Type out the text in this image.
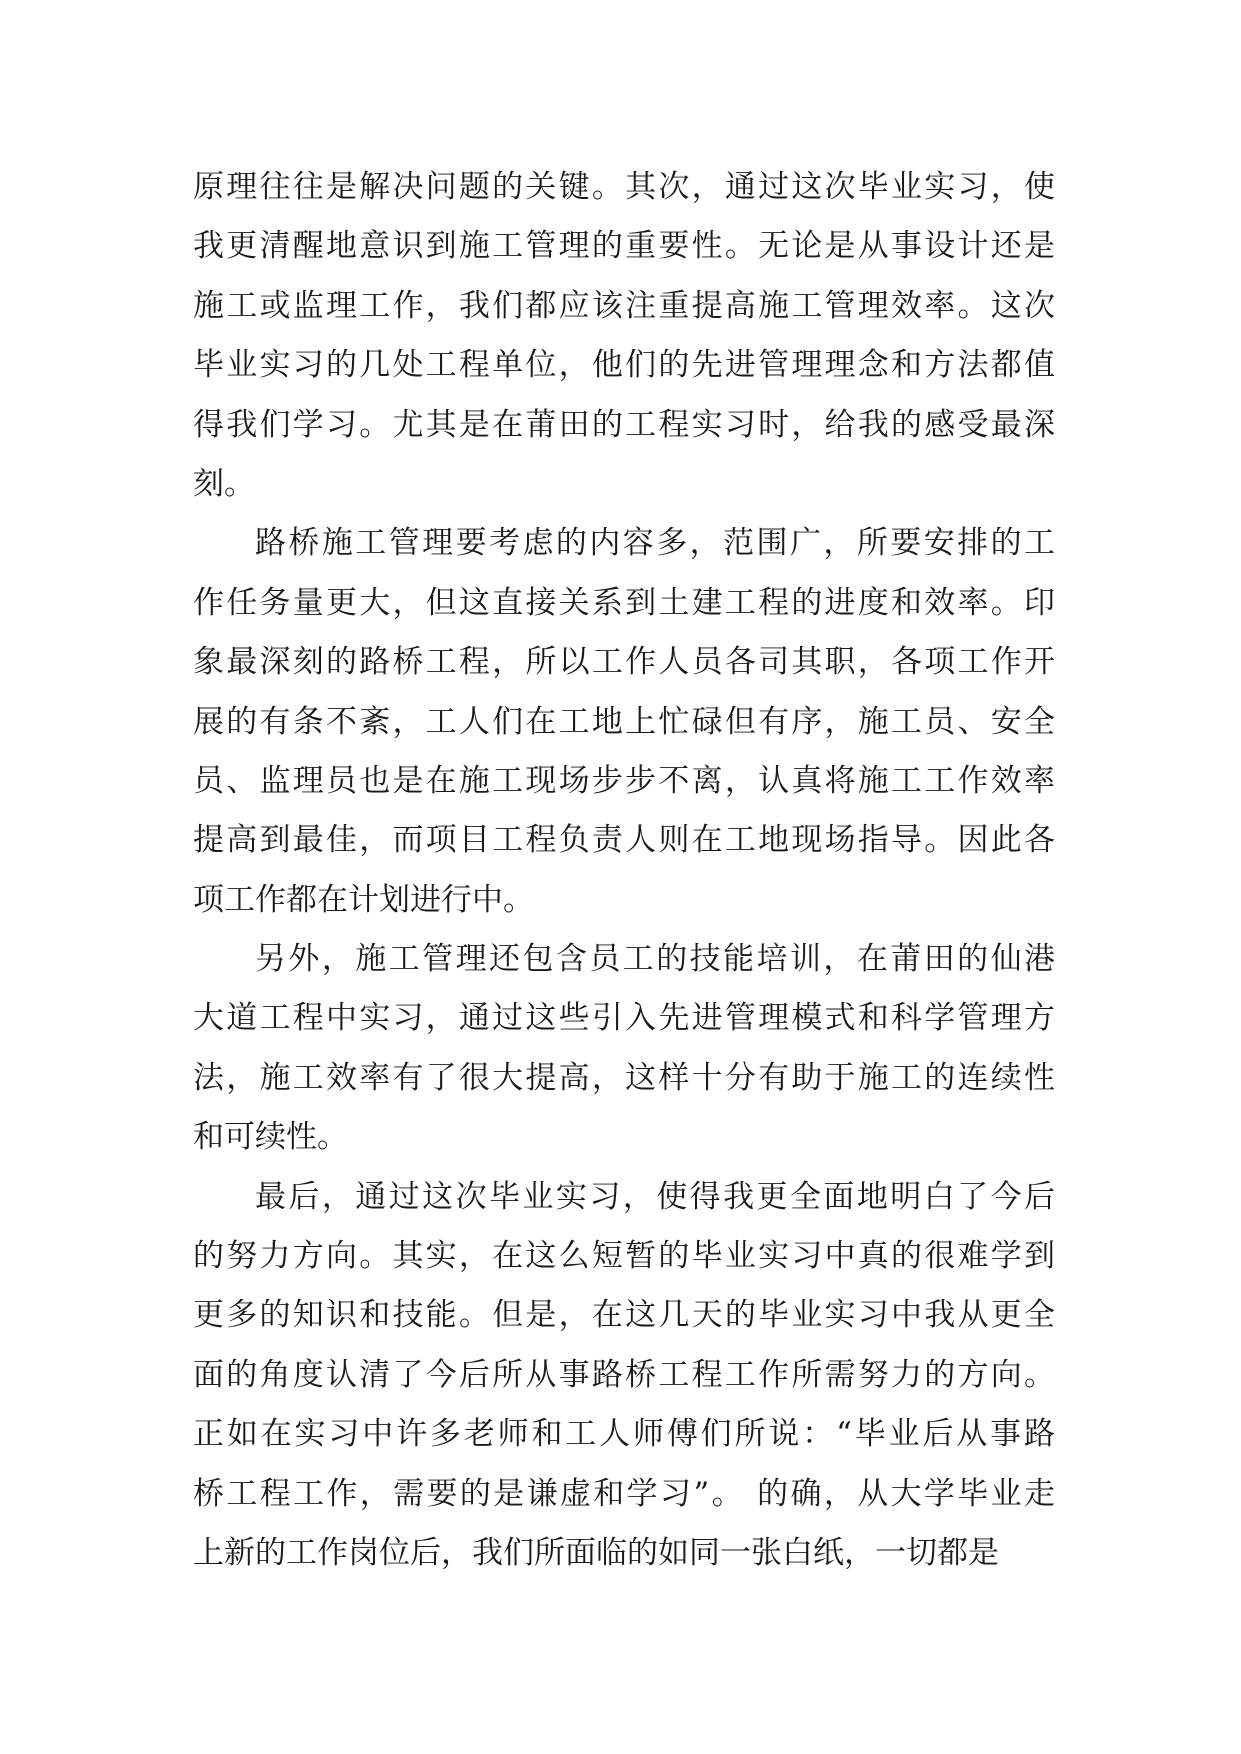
原理往往是解决问题的关键。其次，通过这次毕业实习，使
我更清醒地意识到施工管理的重要性。无论是从事设计还是
施工或监理工作，我们都应该注重提高施工管理效率。这次
毕业实习的几处工程单位，他们的先进管理理念和方法都值
得我们学习。尤其是在莆田的工程实习时，给我的感受最深
刻。
路桥施工管理要考虑的内容多，范围广，所要安排的工
作任务量更大，但这直接关系到土建工程的进度和效率。印
象最深刻的路桥工程，所以工作人员各司其职，各项工作开
展的有条不紊，工人们在工地上忙碌但有序，施工员、安全
员、监理员也是在施工现场步步不离，认真将施工工作效率
提高到最佳，而项目工程负责人则在工地现场指导。因此各
项工作都在计划进行中。
另外，施工管理还包含员工的技能培训，在莆田的仙港
大道工程中实习，通过这些引入先进管理模式和科学管理方
法，施工效率有了很大提高，这样十分有助于施工的连续性
和可续性。
最后，通过这次毕业实习，使得我更全面地明白了今后
的努力方向。其实，在这么短暂的毕业实习中真的很难学到
更多的知识和技能。但是，在这几天的毕业实习中我从更全
面的角度认清了今后所从事路桥工程工作所需努力的方向。
正如在实习中许多老师和工人师傅们所说：“毕业后从事路
桥工程工作，需要的是谦虚和学习”。 的确，从大学毕业走
上新的工作岗位后，我们所面临的如同一张白纸，一切都是
